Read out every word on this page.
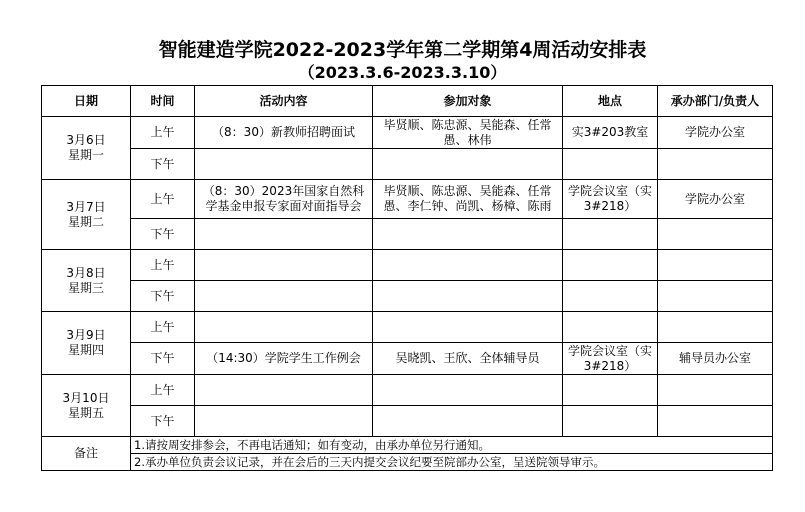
智能建造学院2022-2023学年第二学期第4周活动安排表
（2023.3.6-2023.3.10）
日期	时间	活动内容	参加对象	地点	承办部门/负责人
3月6日
星期一	上午	（8：30）新教师招聘面试	毕贤顺、陈忠源、吴能森、任常愚、林伟	实3#203教室	学院办公室
	下午				
3月7日
星期二	上午	（8：30）2023年国家自然科学基金申报专家面对面指导会	毕贤顺、陈忠源、吴能森、任常愚、李仁钟、尚凯、杨樟、陈雨	学院会议室（实3#218）	学院办公室
	下午				
3月8日
星期三	上午				
	下午				
3月9日
星期四	上午				
	下午	（14:30）学院学生工作例会	吴晓凯、王欣、全体辅导员	学院会议室（实3#218）	辅导员办公室
3月10日
星期五	上午				
	下午				
备注	1.请按周安排参会，不再电话通知；如有变动，由承办单位另行通知。				
	2.承办单位负责会议记录，并在会后的三天内提交会议纪要至院部办公室，呈送院领导审示。				
